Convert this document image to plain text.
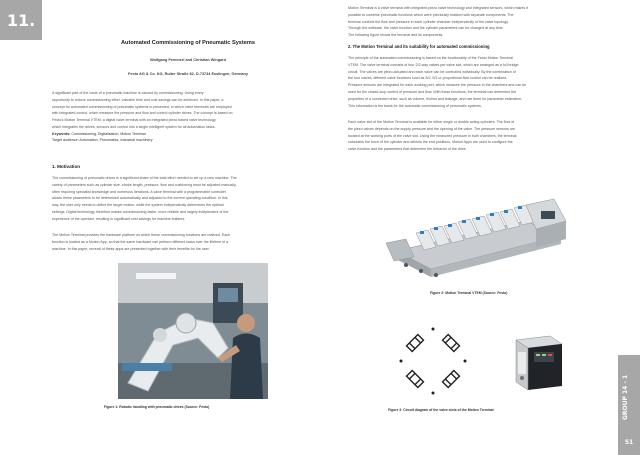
11.
Automated Commissioning of Pneumatic Systems
Wolfgang Pemmerl and Christian Wingard
Festo AG & Co. KG, Ruiter Straße 82, D-73734 Esslingen, Germany
A significant part of the costs of a pneumatic machine is caused by commissioning. Using every
opportunity to reduce commissioning effort, valuable time and cost savings can be achieved. In this paper, a
concept for automated commissioning of pneumatic systems is presented, in which valve terminals are employed
with integrated control, which measure the pressure and flow and control cylinder drives. The concept is based on
Festo's Motion Terminal VTEM, a digital valve terminal with an integrated piezo based valve technology
which integrates the drives, sensors and control into a single intelligent system for all automation tasks.
Keywords: Commissioning, Digitalisation, Motion Terminal
Target audience: Automation, Pneumatics, Industrial machinery
1. Motivation
The commissioning of pneumatic drives is a significant share of the total effort needed to set up a new machine. The
variety of parameters such as cylinder size, stroke length, pressure, flow and cushioning must be adjusted manually,
often requiring specialist knowledge and numerous iterations. A valve terminal with a programmable controller
allows these parameters to be determined automatically and adjusted to the current operating condition. In this
way, the user only needs to define the target motion, while the system independently determines the optimal
settings. Digital technology therefore makes commissioning faster, more reliable and largely independent of the
experience of the operator, resulting in significant cost savings for machine builders.
The Motion Terminal provides the hardware platform on which these commissioning functions are realized. Each
function is loaded as a Motion App, so that the same hardware can perform different tasks over the lifetime of a
machine. In this paper, several of these apps are presented together with their benefits for the user.
Figure 1: Robotic handling with pneumatic drives (Source: Festo)
Motion Terminal is a valve terminal with integrated piezo valve technology and integrated sensors, which makes it
possible to combine pneumatic functions which were previously realized with separate components. The
terminal controls the flow and pressure in each cylinder chamber independently of the valve topology.
Through the software, the valve function and the cylinder parameters can be changed at any time.
The following figure shows the terminal and its components.
2. The Motion Terminal and its suitability for automated commissioning
The principle of the automated commissioning is based on the functionality of the Festo Motion Terminal
VTEM. The valve terminal consists of four 2/2-way valves per valve slot, which are arranged as a full bridge
circuit. The valves are piezo-actuated and each valve can be controlled individually. By the combination of
the four valves, different valve functions such as 5/2, 5/3 or proportional flow control can be realized.
Pressure sensors are integrated for each working port, which measure the pressure in the chambers and can be
used for the closed-loop control of pressure and flow. With these functions, the terminal can determine the
properties of a connected drive, such as volume, friction and leakage, and use them for parameter estimation.
This information is the basis for the automatic commissioning of pneumatic systems.
Each valve slot of the Motion Terminal is available for either single or double acting cylinders. The flow of
the piezo valves depends on the supply pressure and the opening of the valve. The pressure sensors are
located at the working ports of the valve slot. Using the measured pressure in both chambers, the terminal
calculates the force of the cylinder and detects the end positions. Motion Apps are used to configure the
valve function and the parameters that determine the behavior of the drive.
Figure 2: Motion Terminal VTEM (Source: Festo)
Figure 3: Circuit diagram of the valve slots of the Motion Terminal	GROUP 14 - 1
51
